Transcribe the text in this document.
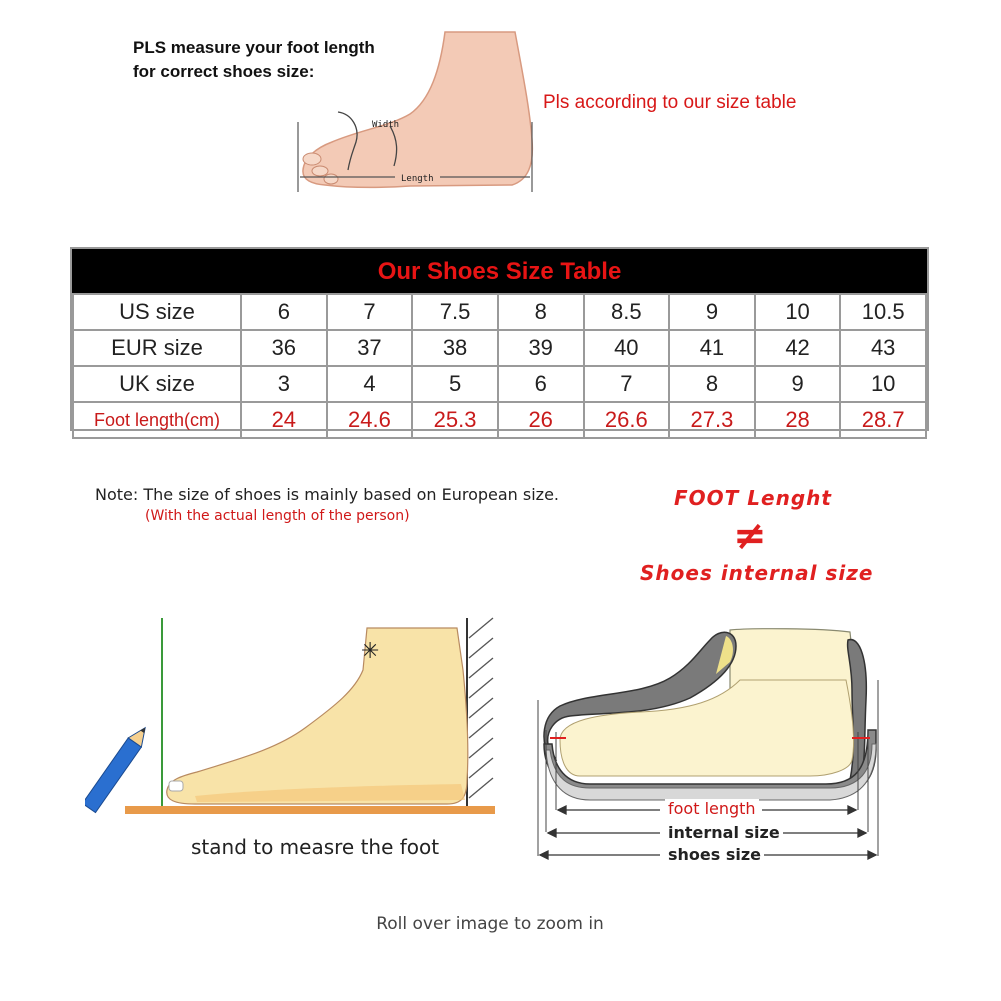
PLS measure your foot length
for correct shoes size:
Width
Length
Pls according to our size table
Our Shoes Size Table
US size	6	7	7.5	8	8.5	9	10	10.5
EUR size	36	37	38	39	40	41	42	43
UK size	3	4	5	6	7	8	9	10
Foot length(cm)	24	24.6	25.3	26	26.6	27.3	28	28.7
Note: The size of shoes is mainly based on European size.
(With the actual length of the person)
FOOT Lenght
≠
Shoes internal size
✳
stand to measre the foot
foot length
internal size
shoes size
Roll over image to zoom in
